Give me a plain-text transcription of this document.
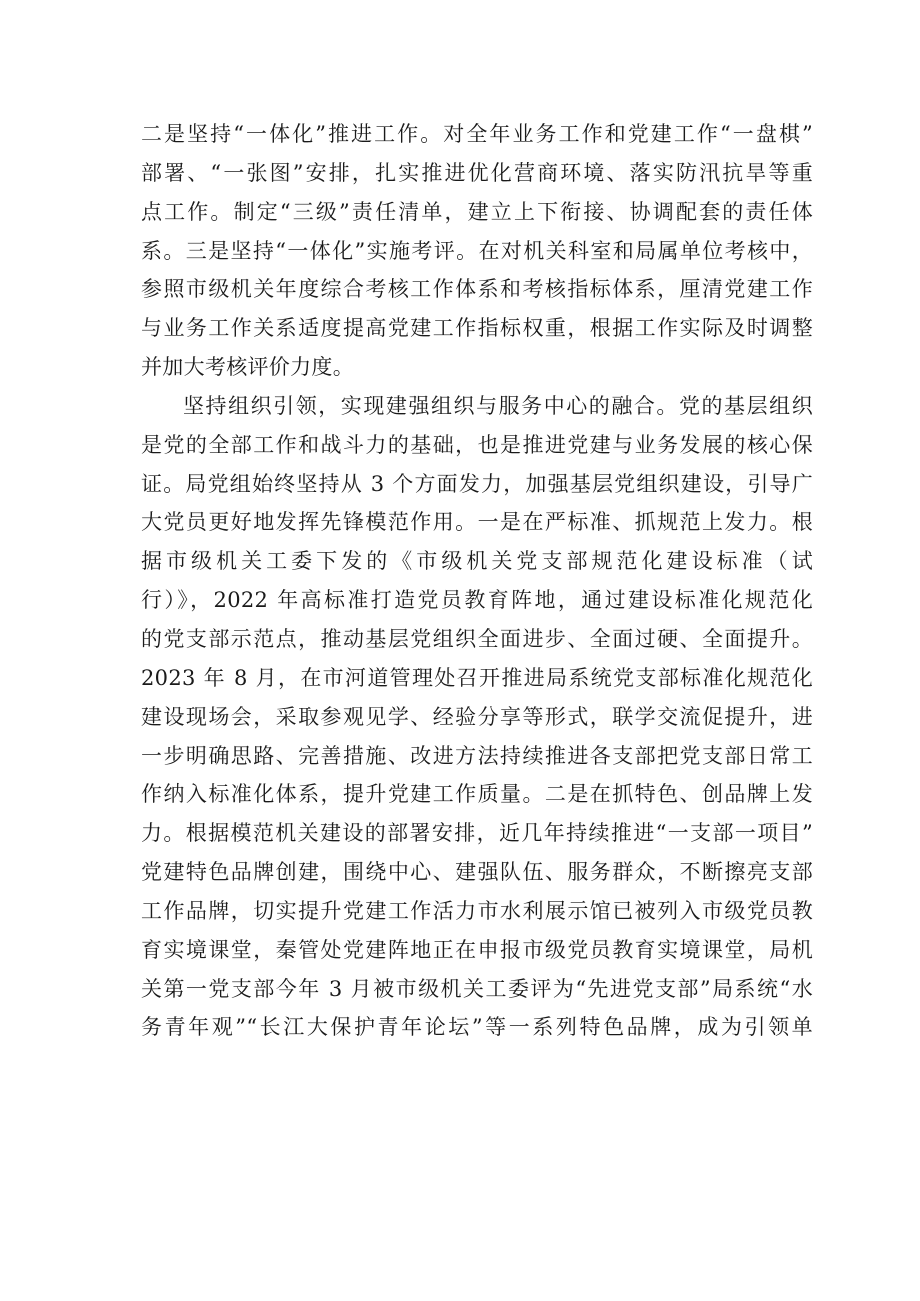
二是坚持“一体化”推进工作。对全年业务工作和党建工作“一盘棋”
部署、“一张图”安排，扎实推进优化营商环境、落实防汛抗旱等重
点工作。制定“三级”责任清单，建立上下衔接、协调配套的责任体
系。三是坚持“一体化”实施考评。在对机关科室和局属单位考核中，
参照市级机关年度综合考核工作体系和考核指标体系，厘清党建工作
与业务工作关系适度提高党建工作指标权重，根据工作实际及时调整
并加大考核评价力度。
坚持组织引领，实现建强组织与服务中心的融合。党的基层组织
是党的全部工作和战斗力的基础，也是推进党建与业务发展的核心保
证。局党组始终坚持从 3 个方面发力，加强基层党组织建设，引导广
大党员更好地发挥先锋模范作用。一是在严标准、抓规范上发力。根
据市级机关工委下发的《市级机关党支部规范化建设标准（试
行）》，2022 年高标准打造党员教育阵地，通过建设标准化规范化
的党支部示范点，推动基层党组织全面进步、全面过硬、全面提升。
2023 年 8 月，在市河道管理处召开推进局系统党支部标准化规范化
建设现场会，采取参观见学、经验分享等形式，联学交流促提升，进
一步明确思路、完善措施、改进方法持续推进各支部把党支部日常工
作纳入标准化体系，提升党建工作质量。二是在抓特色、创品牌上发
力。根据模范机关建设的部署安排，近几年持续推进“一支部一项目”
党建特色品牌创建，围绕中心、建强队伍、服务群众，不断擦亮支部
工作品牌，切实提升党建工作活力市水利展示馆已被列入市级党员教
育实境课堂，秦管处党建阵地正在申报市级党员教育实境课堂，局机
关第一党支部今年 3 月被市级机关工委评为“先进党支部”局系统“水
务青年观”“长江大保护青年论坛”等一系列特色品牌，成为引领单
